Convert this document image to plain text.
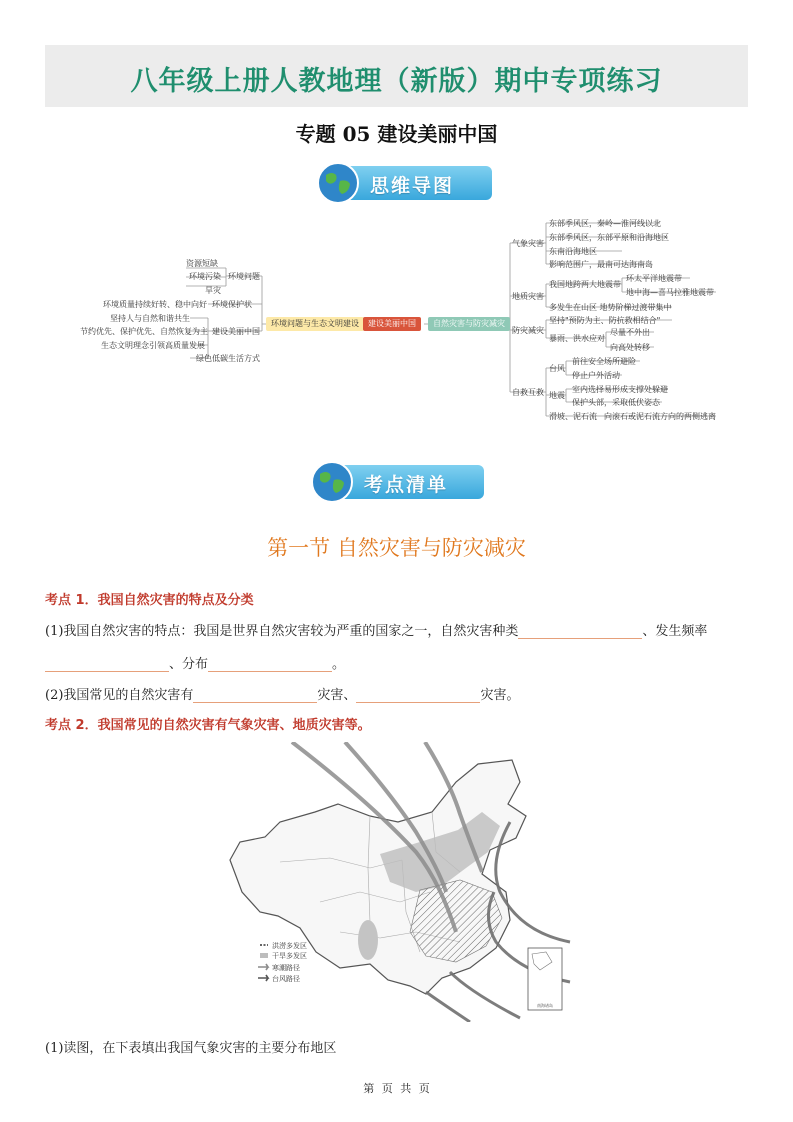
八年级上册人教地理（新版）期中专项练习
专题 05 建设美丽中国
思维导图
资源短缺
环境污染
旱灾
环境问题
环境质量持续好转、稳中向好 环境保护状
坚持人与自然和谐共生
节约优先、保护优先、自然恢复为主 建设美丽中国
生态文明理念引领高质量发展
绿色低碳生活方式
环境问题与生态文明建设	建设美丽中国	自然灾害与防灾减灾
气象灾害
东部季风区，秦岭—淮河线以北
东部季风区，东部平原和沿海地区
东南沿海地区
影响范围广，最南可达海南岛
地质灾害
我国地跨两大地震带
环太平洋地震带
地中海—喜马拉雅地震带
多发生在山区 地势阶梯过渡带集中
防灾减灾
坚持"预防为主、防抗救相结合"
暴雨、洪水应对
尽量不外出
向高处转移
自救互救
台风
前往安全场所避险
停止户外活动
地震
室内选择易形成支撑处躲避
保护头部，采取低伏姿态
滑坡、泥石流 向滚石或泥石流方向的两侧逃离
考点清单
第一节 自然灾害与防灾减灾
考点 1．我国自然灾害的特点及分类
(1)我国自然灾害的特点：我国是世界自然灾害较为严重的国家之一，自然灾害种类	、发生频率
、分布	。
(2)我国常见的自然灾害有	灾害、	灾害。
考点 2．我国常见的自然灾害有气象灾害、地质灾害等。
南海诸岛
洪涝多发区
干旱多发区
寒潮路径
台风路径
(1)读图，在下表填出我国气象灾害的主要分布地区
第 页 共 页
